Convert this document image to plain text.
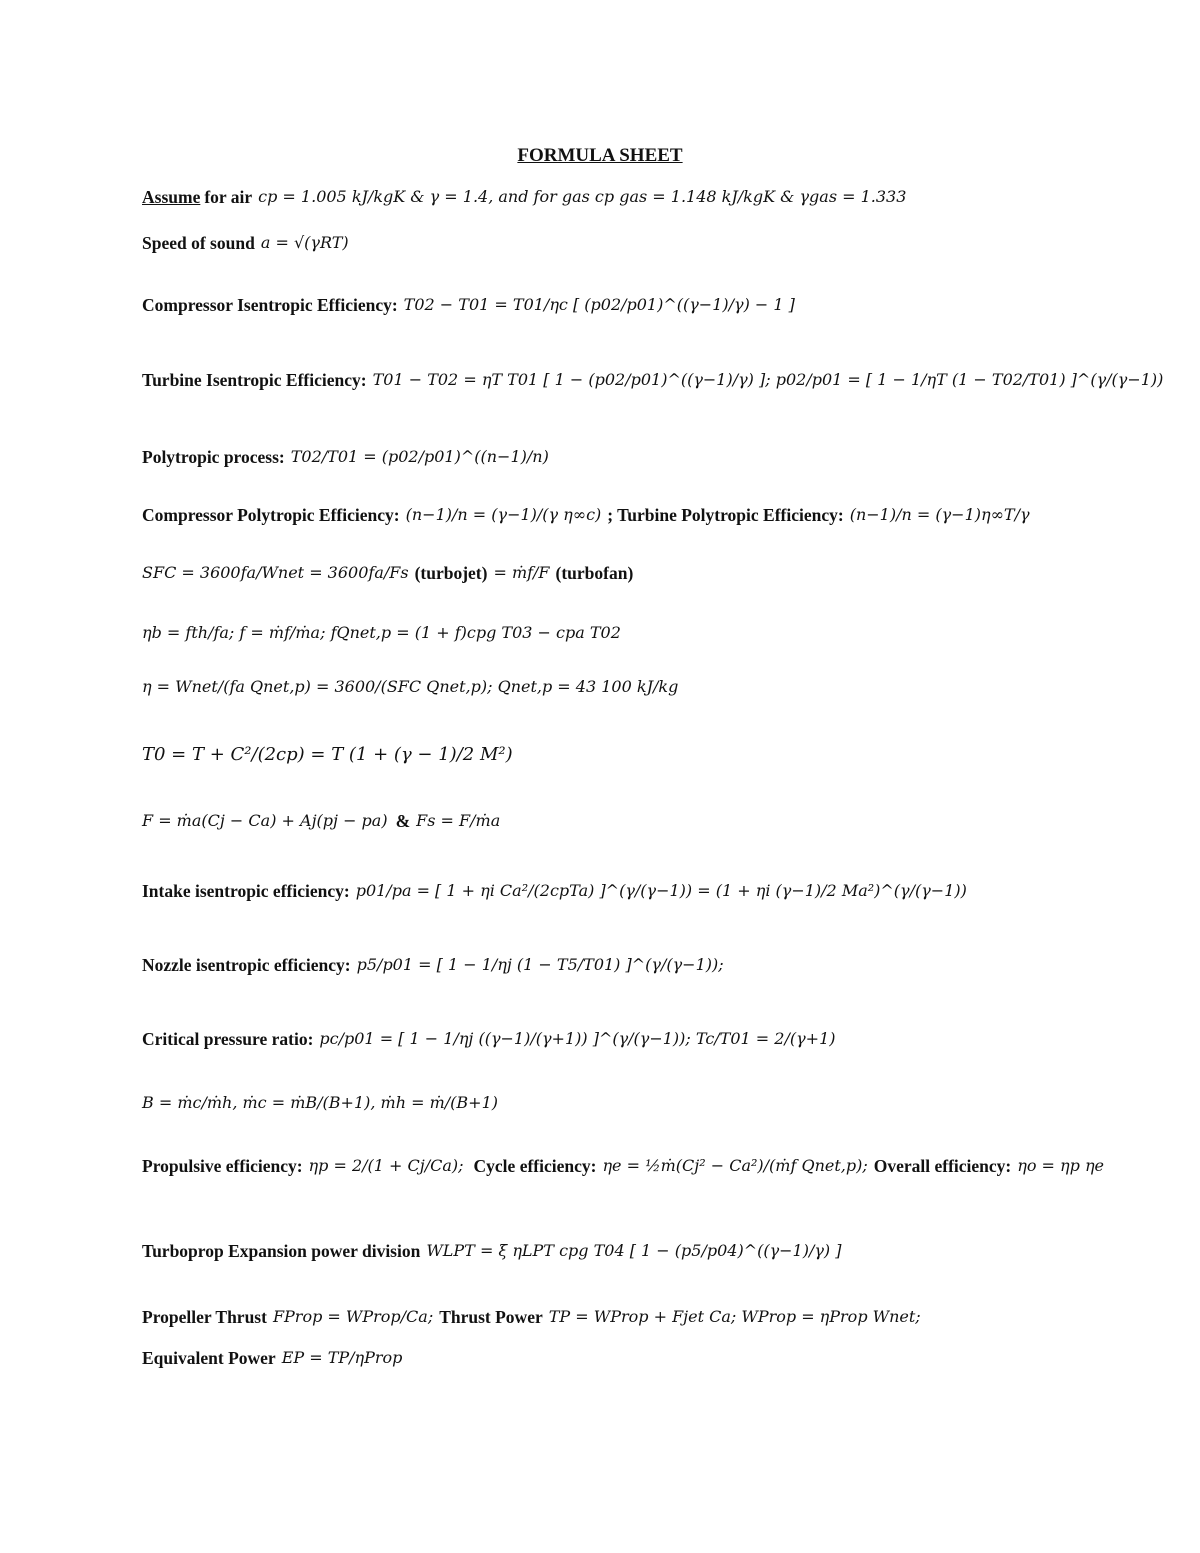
FORMULA SHEET
Assume for air cp = 1.005 kJ/kgK & γ = 1.4, and for gas cp gas = 1.148 kJ/kgK & γgas = 1.333
Speed of sound a = √(γRT)
Compressor Isentropic Efficiency: T02 − T01 = T01/ηc [ (p02/p01)^((γ−1)/γ) − 1 ]
Turbine Isentropic Efficiency: T01 − T02 = ηT T01 [ 1 − (p02/p01)^((γ−1)/γ) ]; p02/p01 = [ 1 − 1/ηT (1 − T02/T01) ]^(γ/(γ−1))
Polytropic process: T02/T01 = (p02/p01)^((n−1)/n)
Compressor Polytropic Efficiency: (n−1)/n = (γ−1)/(γ η∞c) ; Turbine Polytropic Efficiency: (n−1)/n = (γ−1)η∞T/γ
SFC = 3600fa/Wnet = 3600fa/Fs (turbojet) = ṁf/F (turbofan)
ηb = fth/fa; f = ṁf/ṁa; fQnet,p = (1 + f)cpg T03 − cpa T02
η = Wnet/(fa Qnet,p) = 3600/(SFC Qnet,p); Qnet,p = 43 100 kJ/kg
T0 = T + C²/(2cp) = T (1 + (γ − 1)/2 M²)
F = ṁa(Cj − Ca) + Aj(pj − pa) & Fs = F/ṁa
Intake isentropic efficiency: p01/pa = [ 1 + ηi Ca²/(2cpTa) ]^(γ/(γ−1)) = (1 + ηi (γ−1)/2 Ma²)^(γ/(γ−1))
Nozzle isentropic efficiency: p5/p01 = [ 1 − 1/ηj (1 − T5/T01) ]^(γ/(γ−1));
Critical pressure ratio: pc/p01 = [ 1 − 1/ηj ((γ−1)/(γ+1)) ]^(γ/(γ−1)); Tc/T01 = 2/(γ+1)
B = ṁc/ṁh, ṁc = ṁB/(B+1), ṁh = ṁ/(B+1)
Propulsive efficiency: ηp = 2/(1 + Cj/Ca); Cycle efficiency: ηe = ½ṁ(Cj² − Ca²)/(ṁf Qnet,p); Overall efficiency: ηo = ηp ηe
Turboprop Expansion power division WLPT = ξ ηLPT cpg T04 [ 1 − (p5/p04)^((γ−1)/γ) ]
Propeller Thrust FProp = WProp/Ca; Thrust Power TP = WProp + Fjet Ca; WProp = ηProp Wnet;
Equivalent Power EP = TP/ηProp
